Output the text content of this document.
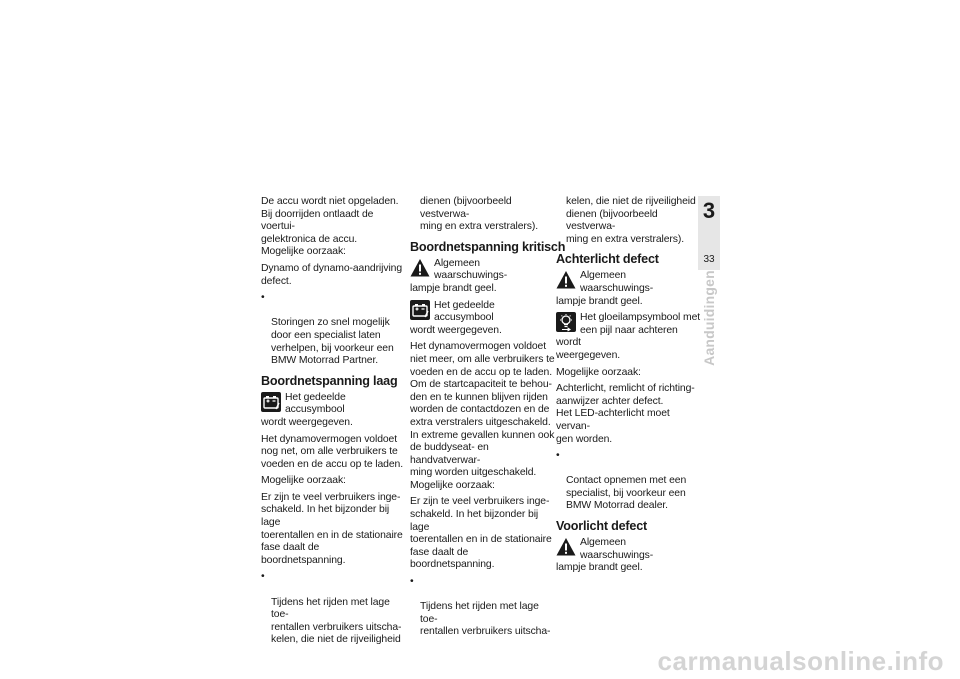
De accu wordt niet opgeladen.
Bij doorrijden ontlaadt de voertui-
gelektronica de accu.
Mogelijke oorzaak:

Dynamo of dynamo-aandrijving
defect.

•

Storingen zo snel mogelijk
door een specialist laten
verhelpen, bij voorkeur een
BMW Motorrad Partner.

Boordnetspanning laag
Het gedeelde accusymbool
wordt weergegeven.

Het dynamovermogen voldoet
nog net, om alle verbruikers te
voeden en de accu op te laden.

Mogelijke oorzaak:

Er zijn te veel verbruikers inge-
schakeld. In het bijzonder bij lage
toerentallen en in de stationaire
fase daalt de boordnetspanning.

•

Tijdens het rijden met lage toe-
rentallen verbruikers uitscha-
kelen, die niet de rijveiligheid

dienen (bijvoorbeeld vestverwa-
ming en extra verstralers).

Boordnetspanning kritisch
Algemeen waarschuwings-
lampje brandt geel.
Het gedeelde accusymbool
wordt weergegeven.

Het dynamovermogen voldoet
niet meer, om alle verbruikers te
voeden en de accu op te laden.
Om de startcapaciteit te behou-
den en te kunnen blijven rijden
worden de contactdozen en de
extra verstralers uitgeschakeld.
In extreme gevallen kunnen ook
de buddyseat- en handvatverwar-
ming worden uitgeschakeld.
Mogelijke oorzaak:

Er zijn te veel verbruikers inge-
schakeld. In het bijzonder bij lage
toerentallen en in de stationaire
fase daalt de boordnetspanning.

•

Tijdens het rijden met lage toe-
rentallen verbruikers uitscha-

kelen, die niet de rijveiligheid
dienen (bijvoorbeeld vestverwa-
ming en extra verstralers).

Achterlicht defect
Algemeen waarschuwings-
lampje brandt geel.
Het gloeilampsymbool met
een pijl naar achteren wordt
weergegeven.

Mogelijke oorzaak:

Achterlicht, remlicht of richting-
aanwijzer achter defect.
Het LED-achterlicht moet vervan-
gen worden.

•

Contact opnemen met een
specialist, bij voorkeur een
BMW Motorrad dealer.

Voorlicht defect
Algemeen waarschuwings-
lampje brandt geel.
3
33
Aanduidingen
carmanualsonline.info
